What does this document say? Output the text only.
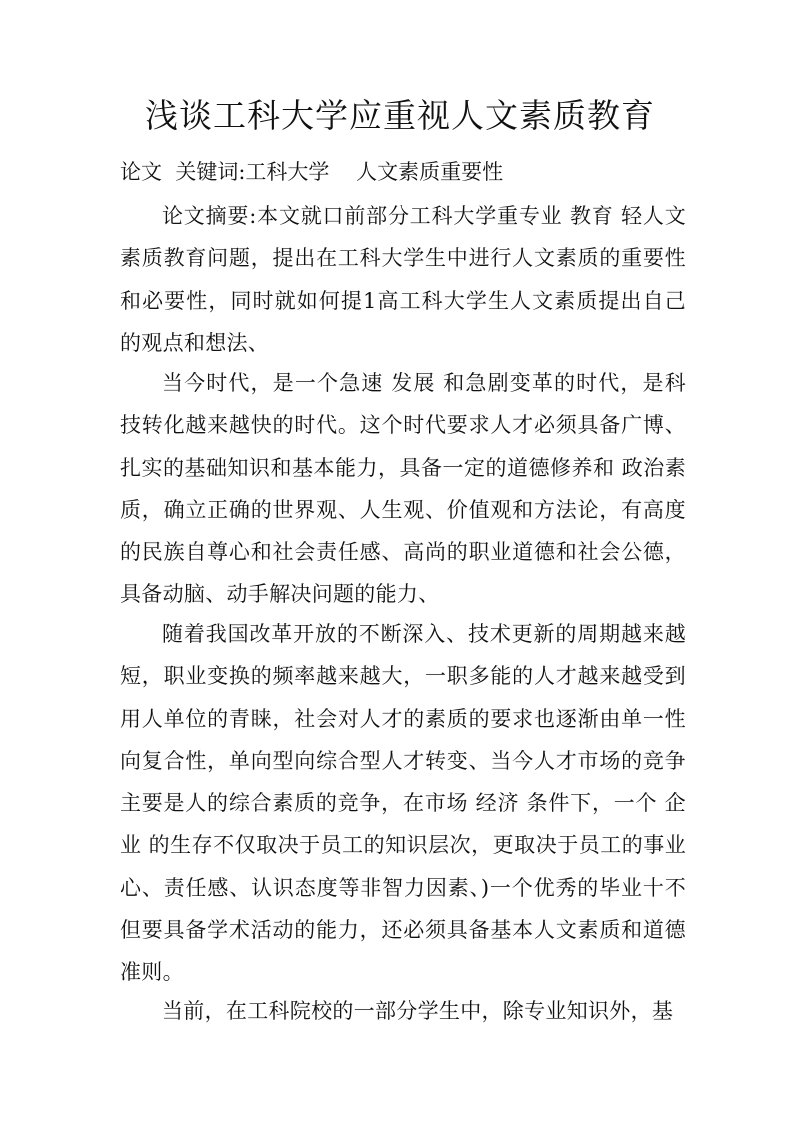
浅谈工科大学应重视人文素质教育
论文  关键词:工科大学    人文素质重要性
论文摘要:本文就口前部分工科大学重专业 教育 轻人文素质教育问题，提出在工科大学生中进行人文素质的重要性和必要性，同时就如何提1高工科大学生人文素质提出自己的观点和想法、
当今时代，是一个急速 发展 和急剧变革的时代，是科技转化越来越快的时代。这个时代要求人才必须具备广博、扎实的基础知识和基本能力，具备一定的道德修养和 政治素质，确立正确的世界观、人生观、价值观和方法论，有高度的民族自尊心和社会责任感、高尚的职业道德和社会公德，具备动脑、动手解决问题的能力、
随着我国改革开放的不断深入、技术更新的周期越来越短，职业变换的频率越来越大，一职多能的人才越来越受到用人单位的青睐，社会对人才的素质的要求也逐渐由单一性向复合性，单向型向综合型人才转变、当今人才市场的竞争主要是人的综合素质的竞争，在市场 经济 条件下，一个 企业 的生存不仅取决于员工的知识层次，更取决于员工的事业心、责任感、认识态度等非智力因素、)一个优秀的毕业十不但要具备学术活动的能力，还必须具备基本人文素质和道德准则。
当前，在工科院校的一部分学生中，除专业知识外，基
